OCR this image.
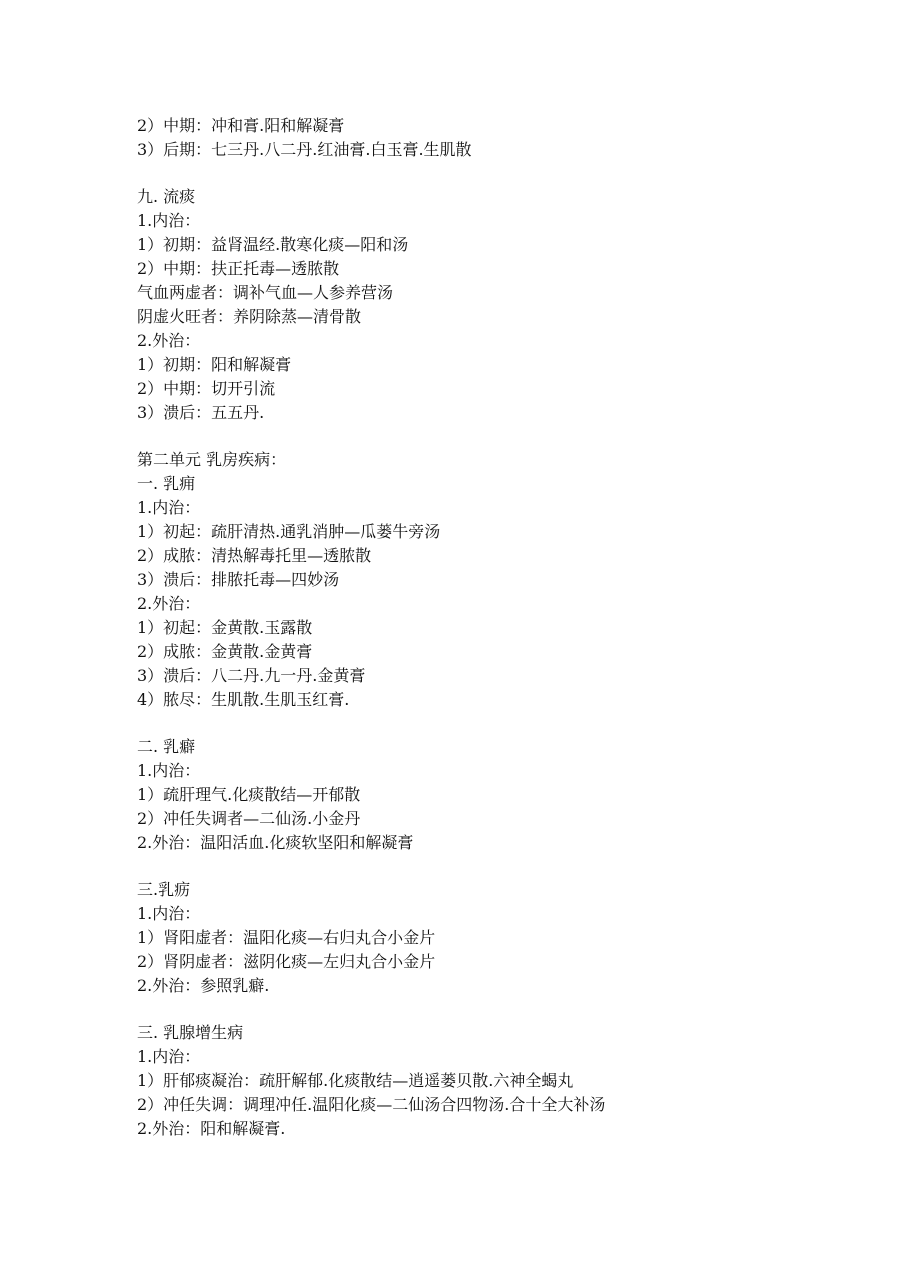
2）中期：冲和膏.阳和解凝膏
3）后期：七三丹.八二丹.红油膏.白玉膏.生肌散
九. 流痰
1.内治：
1）初期：益肾温经.散寒化痰—阳和汤
2）中期：扶正托毒—透脓散
气血两虚者：调补气血—人参养营汤
阴虚火旺者：养阴除蒸—清骨散
2.外治：
1）初期：阳和解凝膏
2）中期：切开引流
3）溃后：五五丹.
第二单元 乳房疾病：
一. 乳痈
1.内治：
1）初起：疏肝清热.通乳消肿—瓜蒌牛旁汤
2）成脓：清热解毒托里—透脓散
3）溃后：排脓托毒—四妙汤
2.外治：
1）初起：金黄散.玉露散
2）成脓：金黄散.金黄膏
3）溃后：八二丹.九一丹.金黄膏
4）脓尽：生肌散.生肌玉红膏.
二. 乳癖
1.内治：
1）疏肝理气.化痰散结—开郁散
2）冲任失调者—二仙汤.小金丹
2.外治：温阳活血.化痰软坚阳和解凝膏
三.乳疬
1.内治：
1）肾阳虚者：温阳化痰—右归丸合小金片
2）肾阴虚者：滋阴化痰—左归丸合小金片
2.外治：参照乳癖.
三. 乳腺增生病
1.内治：
1）肝郁痰凝治：疏肝解郁.化痰散结—逍遥蒌贝散.六神全蝎丸
2）冲任失调：调理冲任.温阳化痰—二仙汤合四物汤.合十全大补汤
2.外治：阳和解凝膏.
